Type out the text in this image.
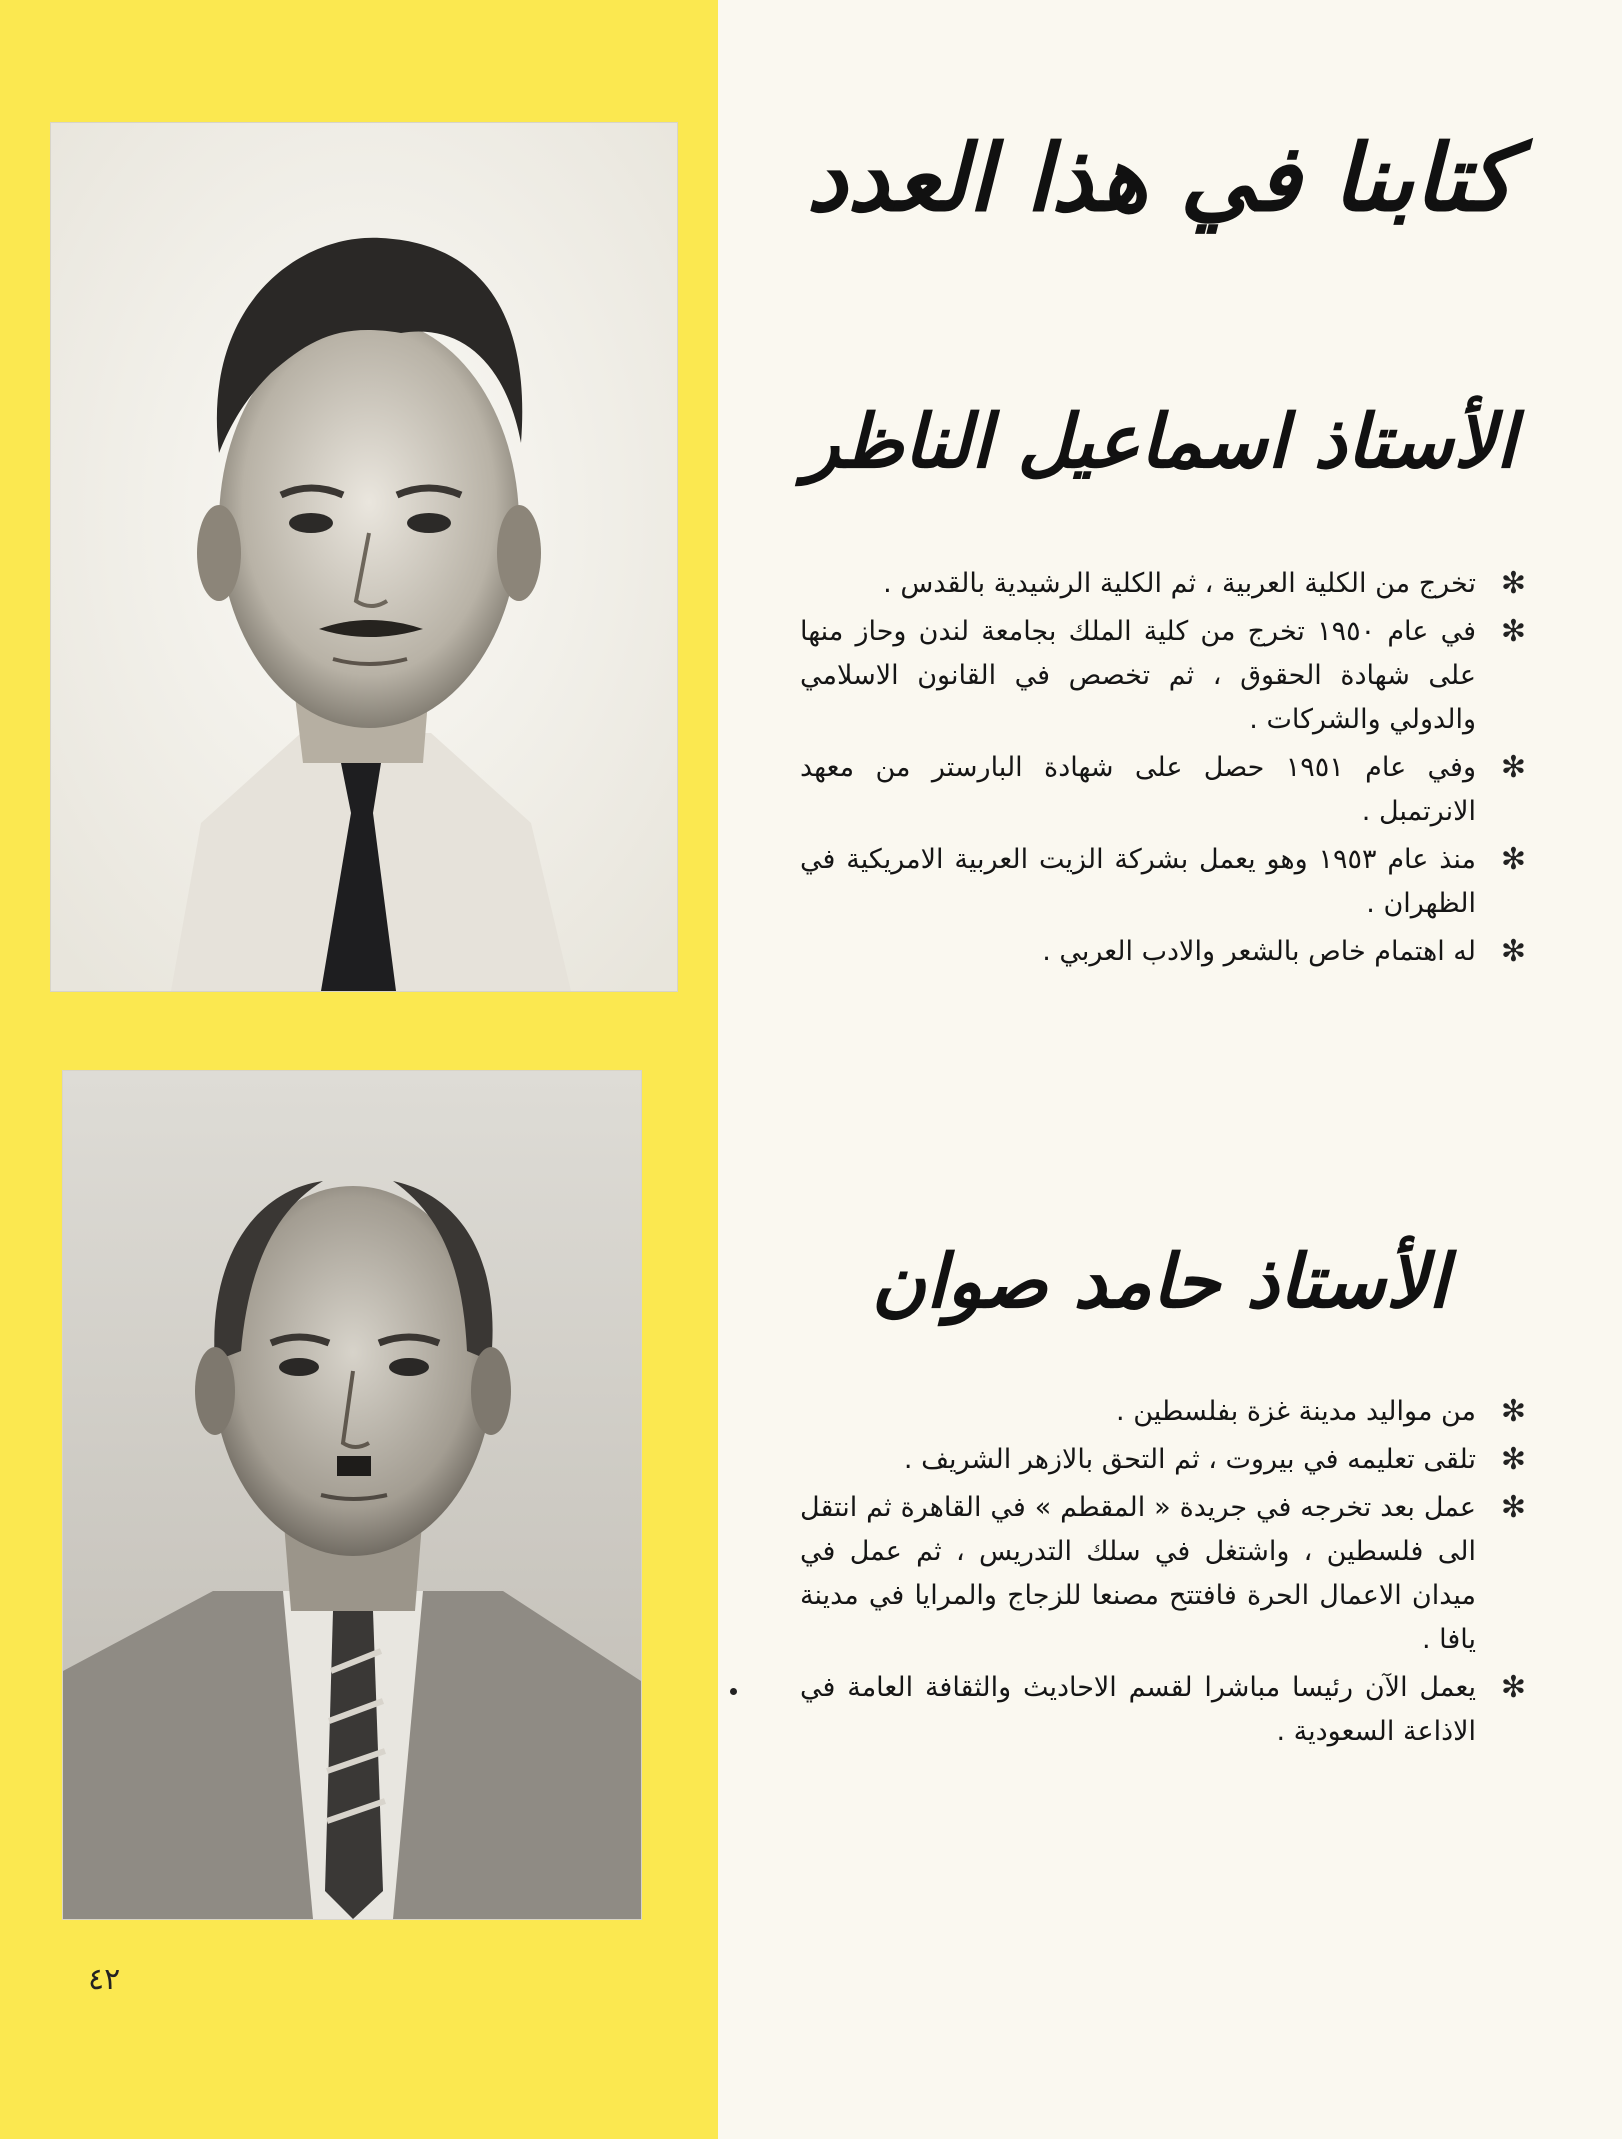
٤٢
كتابنا في هذا العدد
الأستاذ اسماعيل الناظر
✻
تخرج من الكلية العربية ، ثم الكلية الرشيدية بالقدس .
✻
في عام ١٩٥٠ تخرج من كلية الملك بجامعة لندن وحاز منها على شهادة الحقوق ، ثم تخصص في القانون الاسلامي والدولي والشركات .
✻
وفي عام ١٩٥١ حصل على شهادة البارستر من معهد الانرتمبل .
✻
منذ عام ١٩٥٣ وهو يعمل بشركة الزيت العربية الامريكية في الظهران .
✻
له اهتمام خاص بالشعر والادب العربي .
الأستاذ حامد صوان
✻
من مواليد مدينة غزة بفلسطين .
✻
تلقى تعليمه في بيروت ، ثم التحق بالازهر الشريف .
✻
عمل بعد تخرجه في جريدة « المقطم » في القاهرة ثم انتقل الى فلسطين ، واشتغل في سلك التدريس ، ثم عمل في ميدان الاعمال الحرة فافتتح مصنعا للزجاج والمرايا في مدينة يافا .
✻
يعمل الآن رئيسا مباشرا لقسم الاحاديث والثقافة العامة في الاذاعة السعودية .
